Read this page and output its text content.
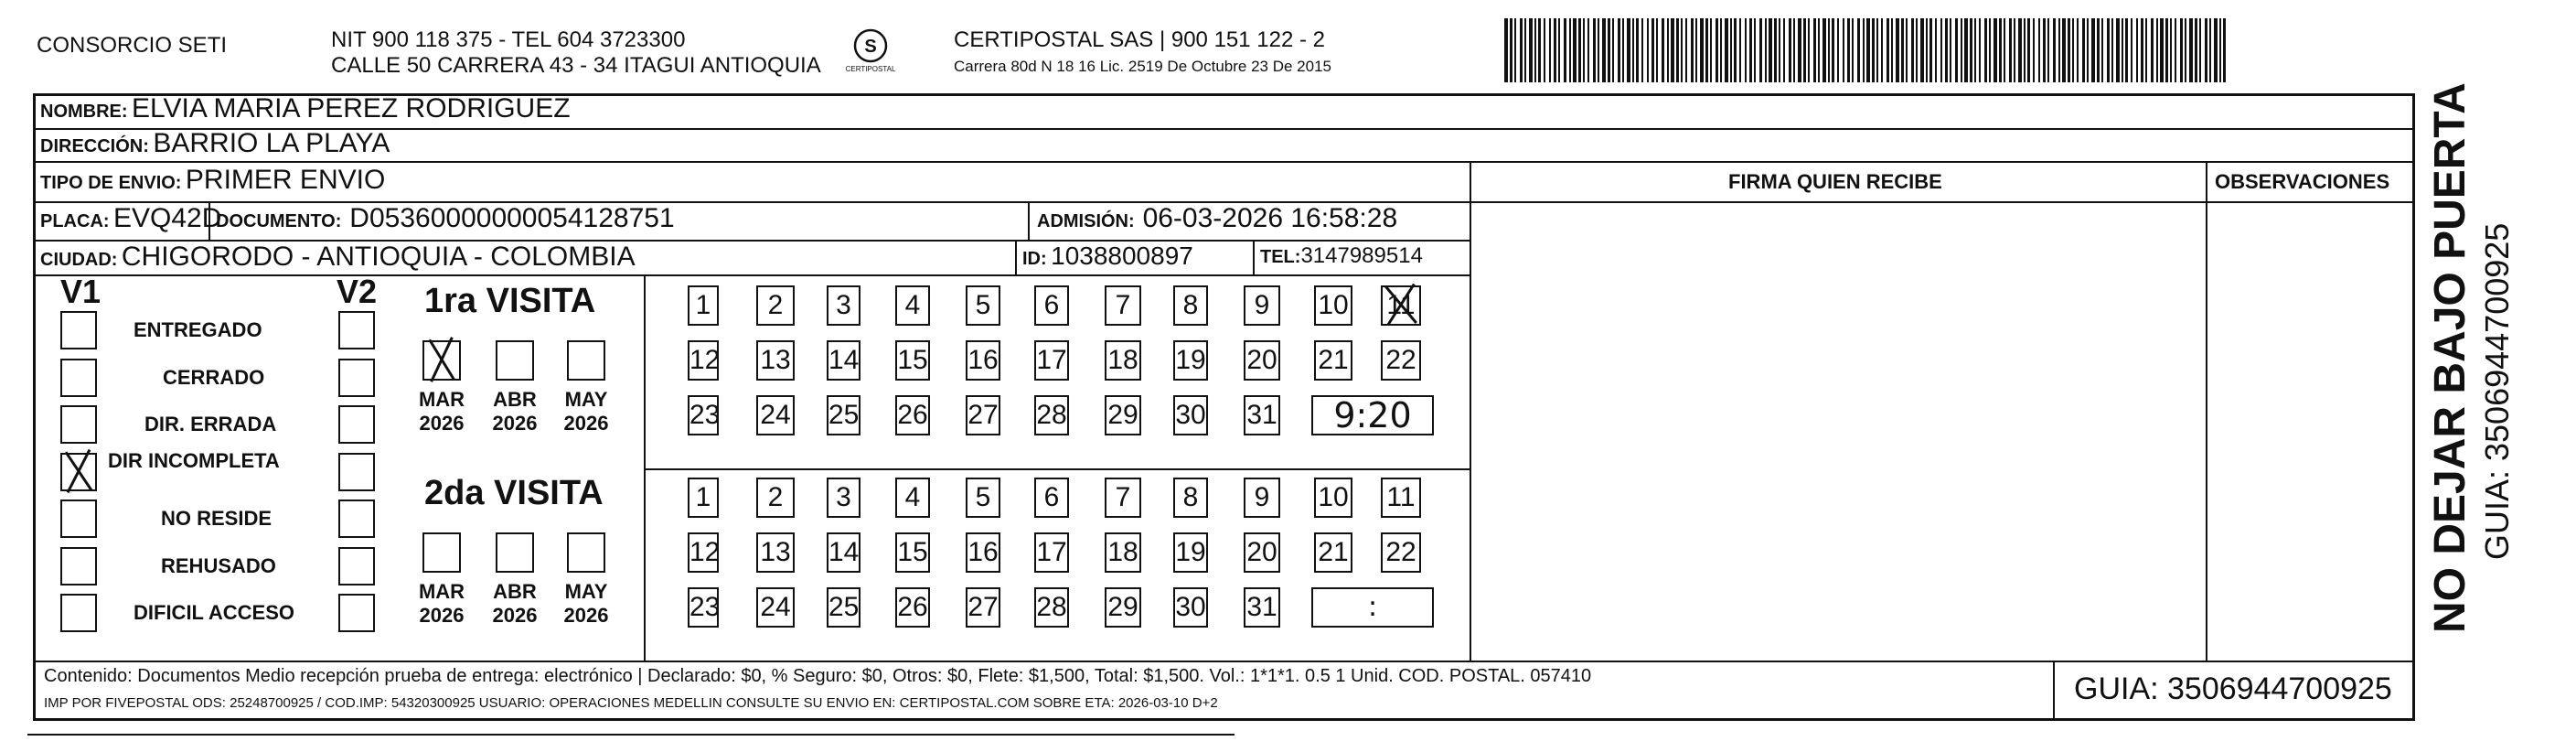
CONSORCIO SETI	NIT 900 118 375 - TEL 604 3723300
CALLE 50 CARRERA 43 - 34 ITAGUI ANTIOQUIA
S
CERTIPOSTAL
CERTIPOSTAL SAS | 900 151 122 - 2
Carrera 80d N 18 16 Lic. 2519 De Octubre 23 De 2015
NOMBRE: ELVIA MARIA PEREZ RODRIGUEZ
DIRECCIÓN: BARRIO LA PLAYA
TIPO DE ENVIO: PRIMER ENVIO	FIRMA QUIEN RECIBE	OBSERVACIONES
PLACA: EVQ42D
DOCUMENTO: D05360000000054128751	ADMISIÓN: 06-03-2026 16:58:28
CIUDAD: CHIGORODO - ANTIOQUIA - COLOMBIA	ID: 1038800897	TEL:3147989514
V1	V2
ENTREGADO
CERRADO
DIR. ERRADA
DIR INCOMPLETA
NO RESIDE
REHUSADO
DIFICIL ACCESO
1ra VISITA
2da VISITA
1	2	3	4	5	6	7	8	9	10 11
12 13 14 15 16 17 18 19 20 21 22
23 24 25 26 27 28 29 30 31	9:20
MAR
2026
ABR
2026
MAY
2026
1	2	3	4	5	6	7	8	9	10 11
12 13 14 15 16 17 18 19 20 21 22
23 24 25 26 27 28 29 30 31	:
MAR
2026
ABR
2026
MAY
2026
Contenido: Documentos Medio recepción prueba de entrega: electrónico | Declarado: $0, % Seguro: $0, Otros: $0, Flete: $1,500, Total: $1,500. Vol.: 1*1*1. 0.5 1 Unid. COD. POSTAL. 057410
IMP POR FIVEPOSTAL ODS: 25248700925 / COD.IMP: 54320300925 USUARIO: OPERACIONES MEDELLIN CONSULTE SU ENVIO EN: CERTIPOSTAL.COM SOBRE ETA: 2026-03-10 D+2	GUIA: 3506944700925
NO DEJAR BAJO PUERTA GUIA: 3506944700925
